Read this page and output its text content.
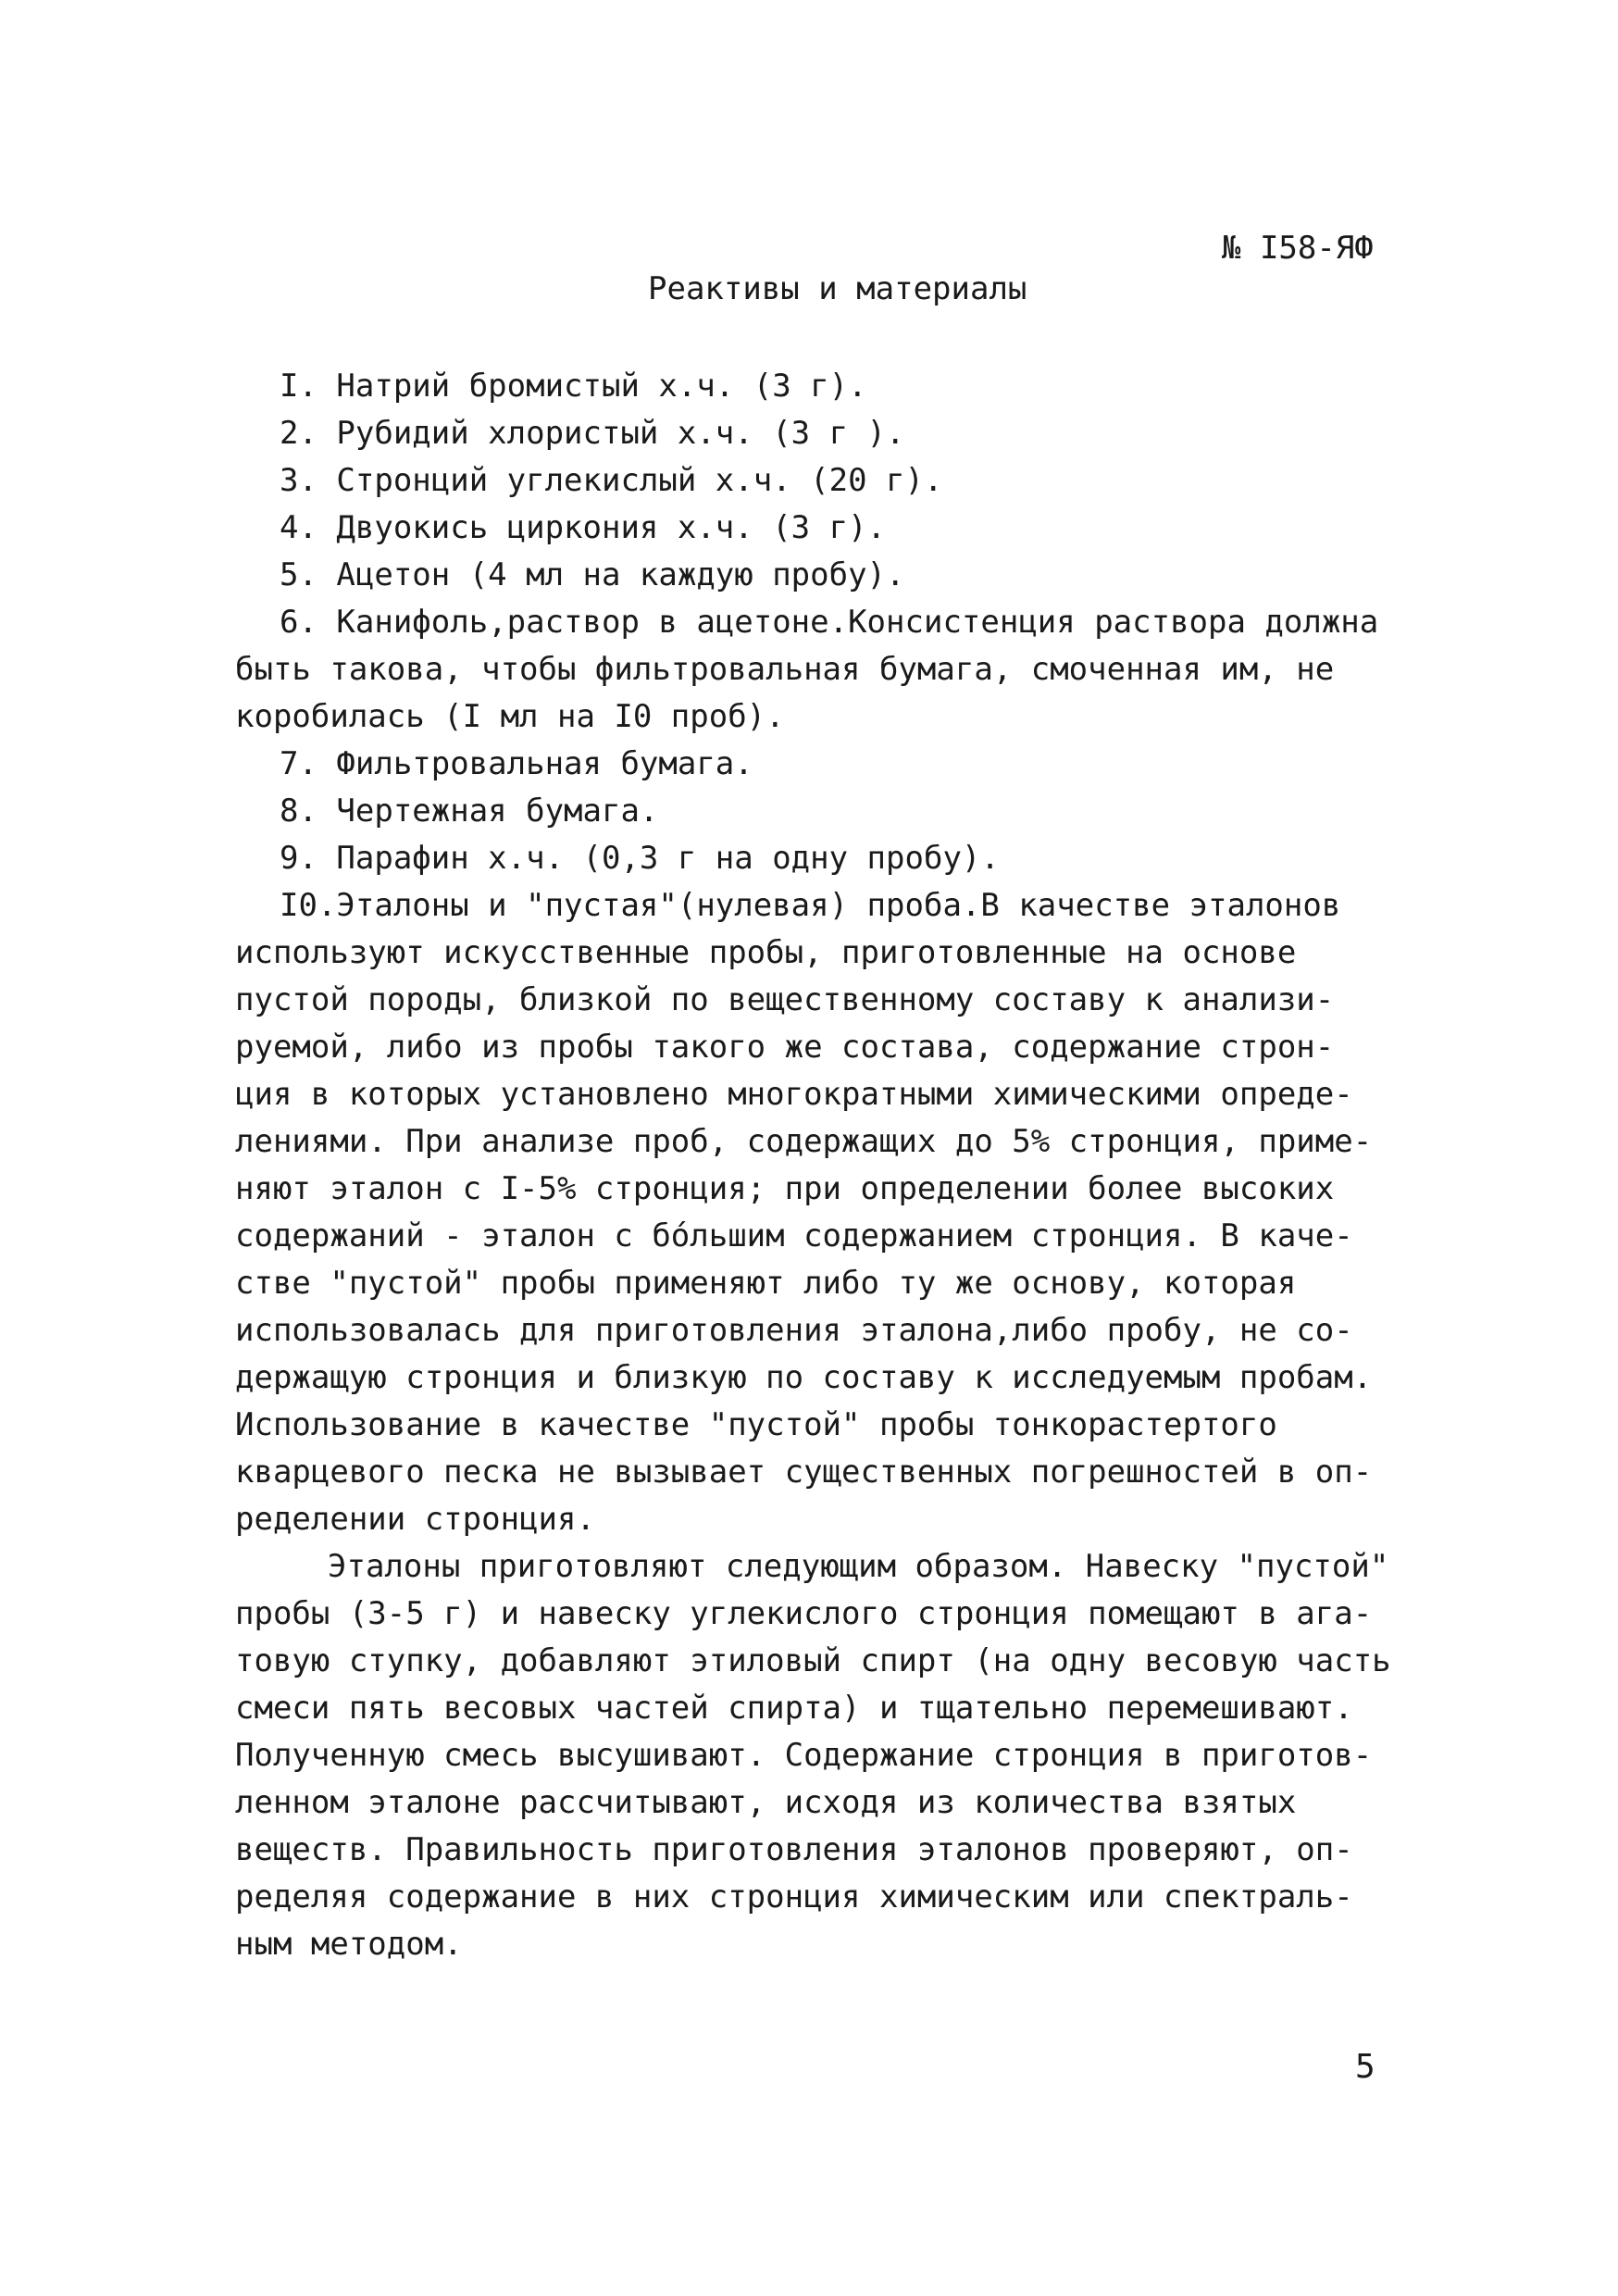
№ I58-ЯФ
Реактивы и материалы
I. Натрий бромистый х.ч. (3 г).
2. Рубидий хлористый х.ч. (3 г ).
3. Стронций углекислый х.ч. (20 г).
4. Двуокись циркония х.ч. (3 г).
5. Ацетон (4 мл на каждую пробу).
6. Канифоль,раствор в ацетоне.Консистенция раствора должна
быть такова, чтобы фильтровальная бумага, смоченная им, не
коробилась (I мл на I0 проб).
7. Фильтровальная бумага.
8. Чертежная бумага.
9. Парафин х.ч. (0,3 г на одну пробу).
I0.Эталоны и "пустая"(нулевая) проба.В качестве эталонов
используют искусственные пробы, приготовленные на основе
пустой породы, близкой по вещественному составу к анализи-
руемой, либо из пробы такого же состава, содержание строн-
ция в которых установлено многократными химическими опреде-
лениями. При анализе проб, содержащих до 5% стронция, приме-
няют эталон с I-5% стронция; при определении более высоких
содержаний - эталон с бóльшим содержанием стронция. В каче-
стве "пустой" пробы применяют либо ту же основу, которая
использовалась для приготовления эталона,либо пробу, не со-
держащую стронция и близкую по составу к исследуемым пробам.
Использование в качестве "пустой" пробы тонкорастертого
кварцевого песка не вызывает существенных погрешностей в оп-
ределении стронция.
Эталоны приготовляют следующим образом. Навеску "пустой"
пробы (3-5 г) и навеску углекислого стронция помещают в ага-
товую ступку, добавляют этиловый спирт (на одну весовую часть
смеси пять весовых частей спирта) и тщательно перемешивают.
Полученную смесь высушивают. Содержание стронция в приготов-
ленном эталоне рассчитывают, исходя из количества взятых
веществ. Правильность приготовления эталонов проверяют, оп-
ределяя содержание в них стронция химическим или спектраль-
ным методом.
5
